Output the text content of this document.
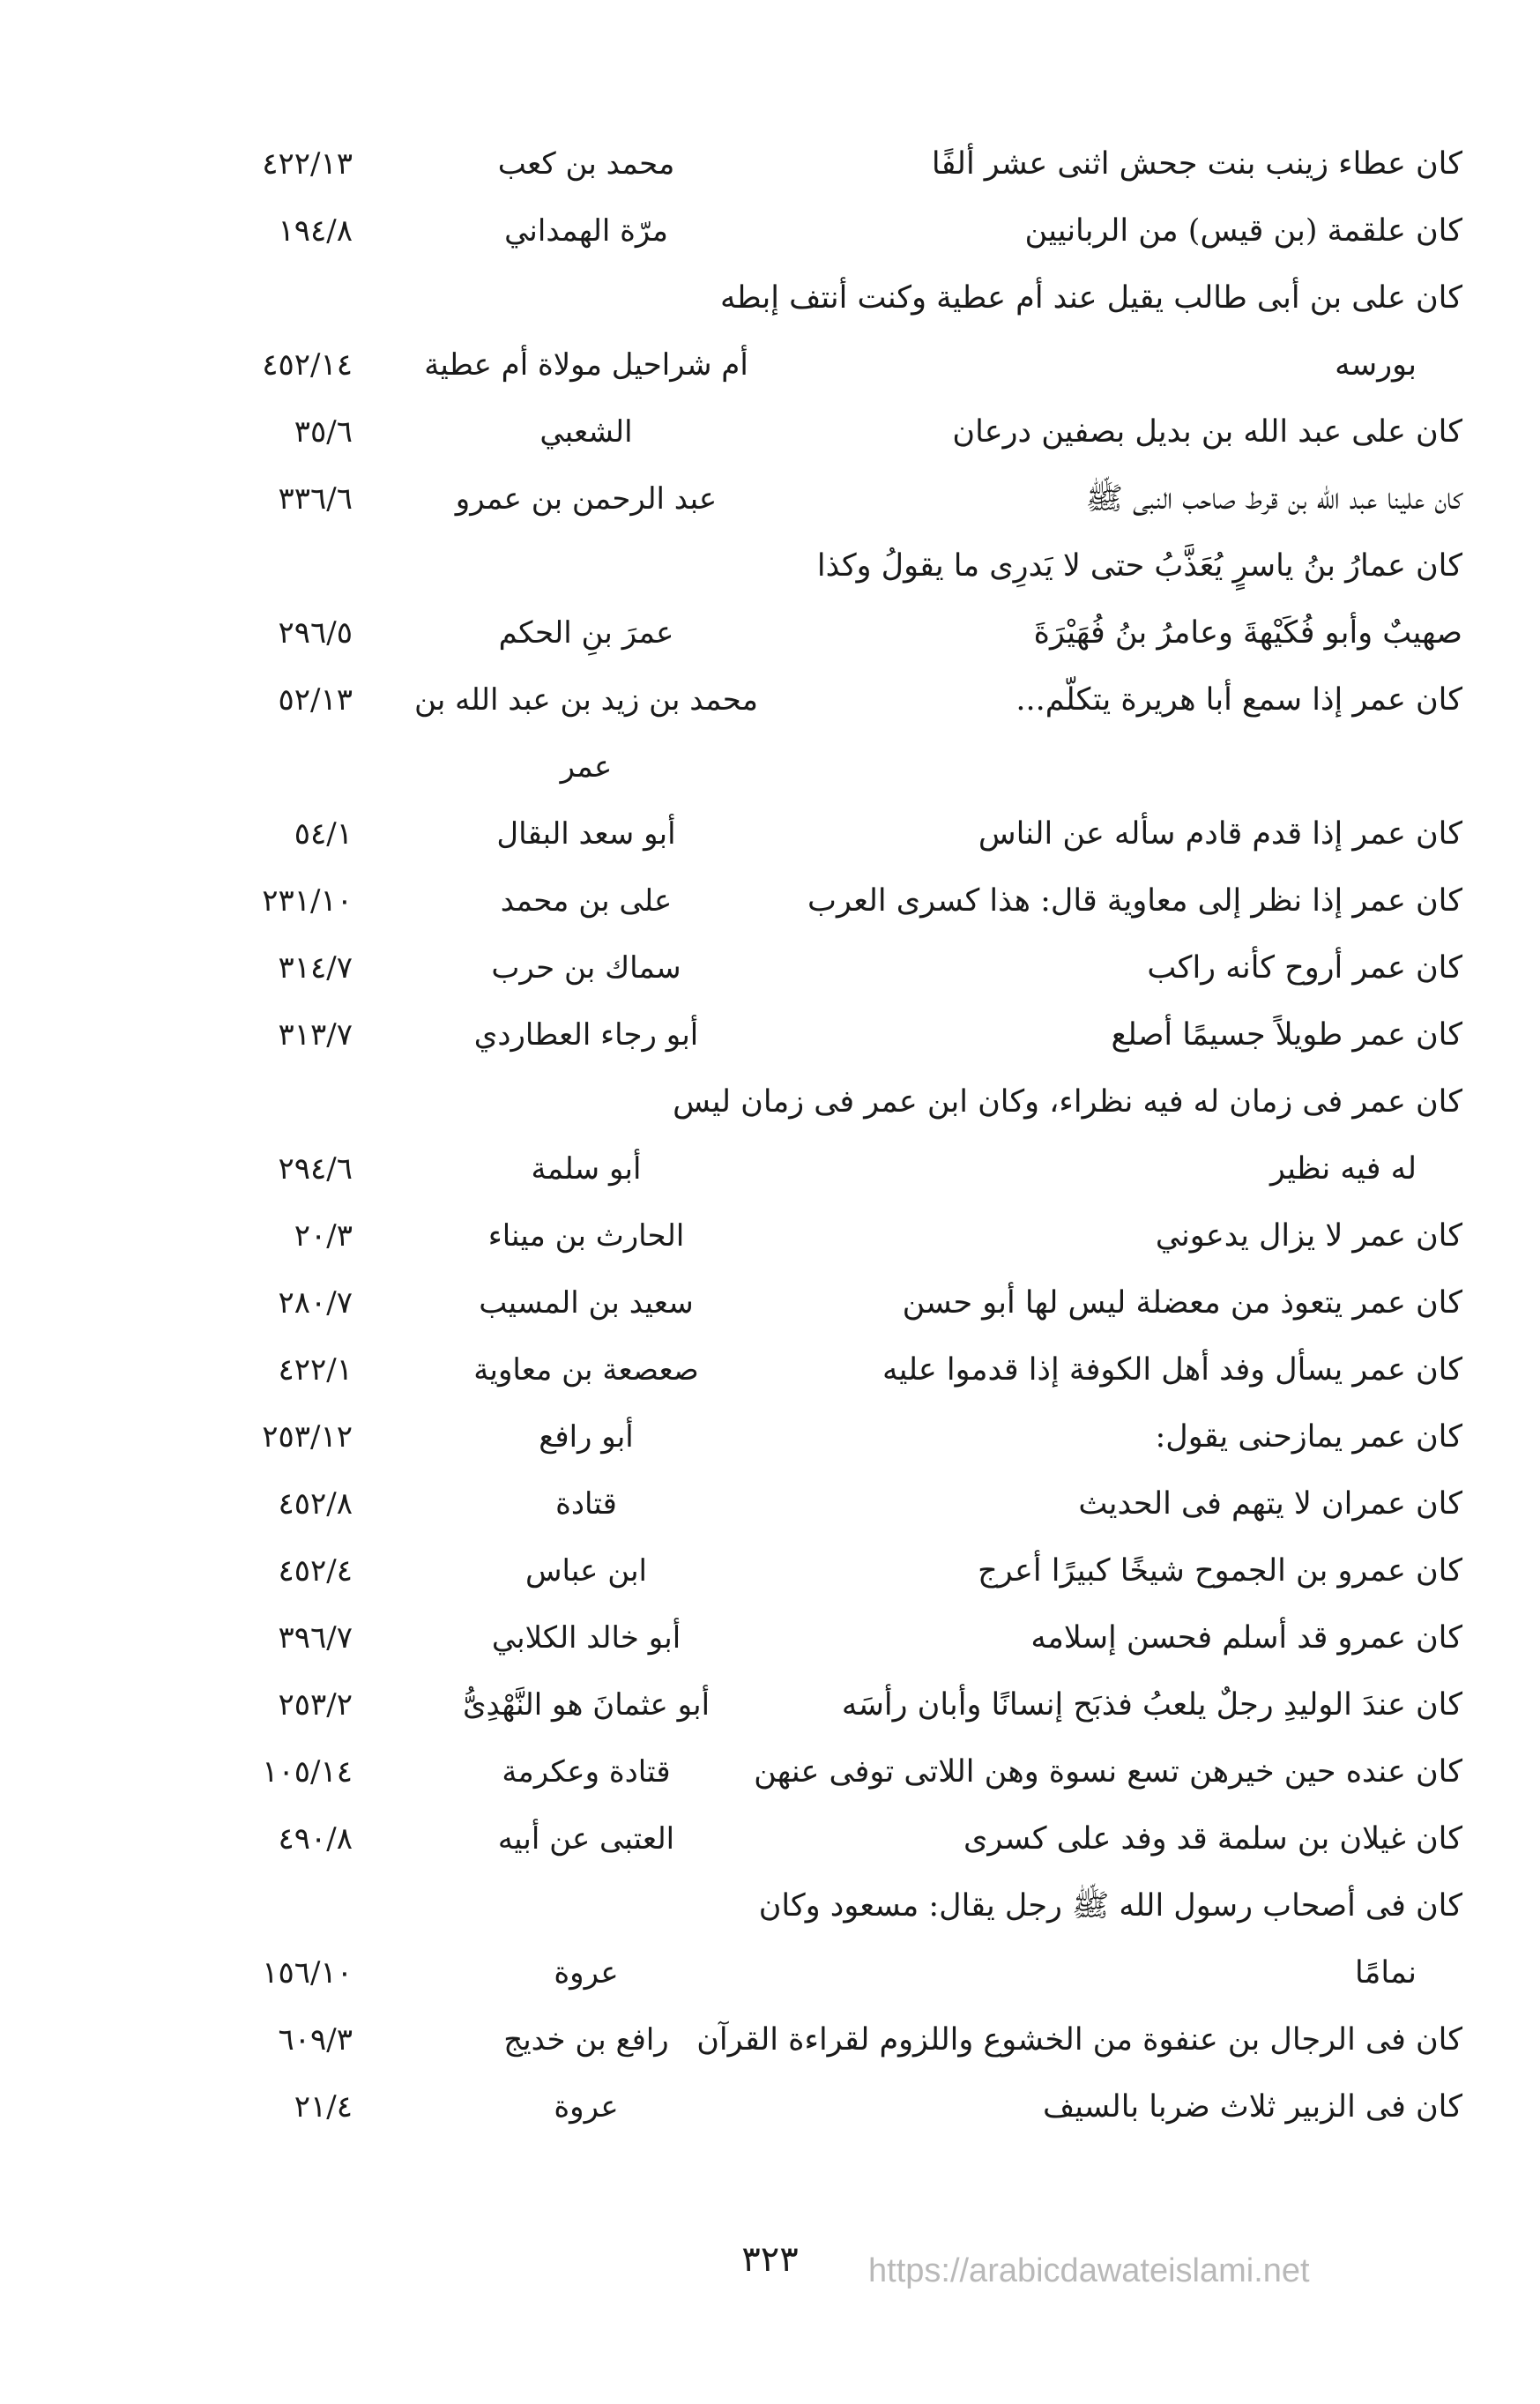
كان عطاء زينب بنت جحش اثنى عشر ألفًا
محمد بن كعب
٤٢٢/١٣
كان علقمة (بن قيس) من الربانيين
مرّة الهمداني
١٩٤/٨
كان على بن أبى طالب يقيل عند أم عطية وكنت أنتف إبطه
بورسه
أم شراحيل مولاة أم عطية
٤٥٢/١٤
كان على عبد الله بن بديل بصفين درعان
الشعبي
٣٥/٦
كان علينا عبد الله بن قرط صاحب النبى ﷺ
عبد الرحمن بن عمرو
٣٣٦/٦
كان عمارُ بنُ ياسرٍ يُعَذَّبُ حتى لا يَدرِى ما يقولُ وكذا
صهيبٌ وأبو فُكَيْهةَ وعامرُ بنُ فُهَيْرَةَ
عمرَ بنِ الحكم
٢٩٦/٥
كان عمر إذا سمع أبا هريرة يتكلّم...
محمد بن زيد بن عبد الله بن
٥٢/١٣
عمر
كان عمر إذا قدم قادم سأله عن الناس
أبو سعد البقال
٥٤/١
كان عمر إذا نظر إلى معاوية قال: هذا كسرى العرب
على بن محمد
٢٣١/١٠
كان عمر أروح كأنه راكب
سماك بن حرب
٣١٤/٧
كان عمر طويلاً جسيمًا أصلع
أبو رجاء العطاردي
٣١٣/٧
كان عمر فى زمان له فيه نظراء، وكان ابن عمر فى زمان ليس
له فيه نظير
أبو سلمة
٢٩٤/٦
كان عمر لا يزال يدعوني
الحارث بن ميناء
٢٠/٣
كان عمر يتعوذ من معضلة ليس لها أبو حسن
سعيد بن المسيب
٢٨٠/٧
كان عمر يسأل وفد أهل الكوفة إذا قدموا عليه
صعصعة بن معاوية
٤٢٢/١
كان عمر يمازحنى يقول:
أبو رافع
٢٥٣/١٢
كان عمران لا يتهم فى الحديث
قتادة
٤٥٢/٨
كان عمرو بن الجموح شيخًا كبيرًا أعرج
ابن عباس
٤٥٢/٤
كان عمرو قد أسلم فحسن إسلامه
أبو خالد الكلابي
٣٩٦/٧
كان عندَ الوليدِ رجلٌ يلعبُ فذبَح إنسانًا وأبان رأسَه
أبو عثمانَ هو النَّهْدِىُّ
٢٥٣/٢
كان عنده حين خيرهن تسع نسوة وهن اللاتى توفى عنهن
قتادة وعكرمة
١٠٥/١٤
كان غيلان بن سلمة قد وفد على كسرى
العتبى عن أبيه
٤٩٠/٨
كان فى أصحاب رسول الله ﷺ رجل يقال: مسعود وكان
نمامًا
عروة
١٥٦/١٠
كان فى الرجال بن عنفوة من الخشوع واللزوم لقراءة القرآن
رافع بن خديج
٦٠٩/٣
كان فى الزبير ثلاث ضربا بالسيف
عروة
٢١/٤
٣٢٣	https://arabicdawateislami.net
